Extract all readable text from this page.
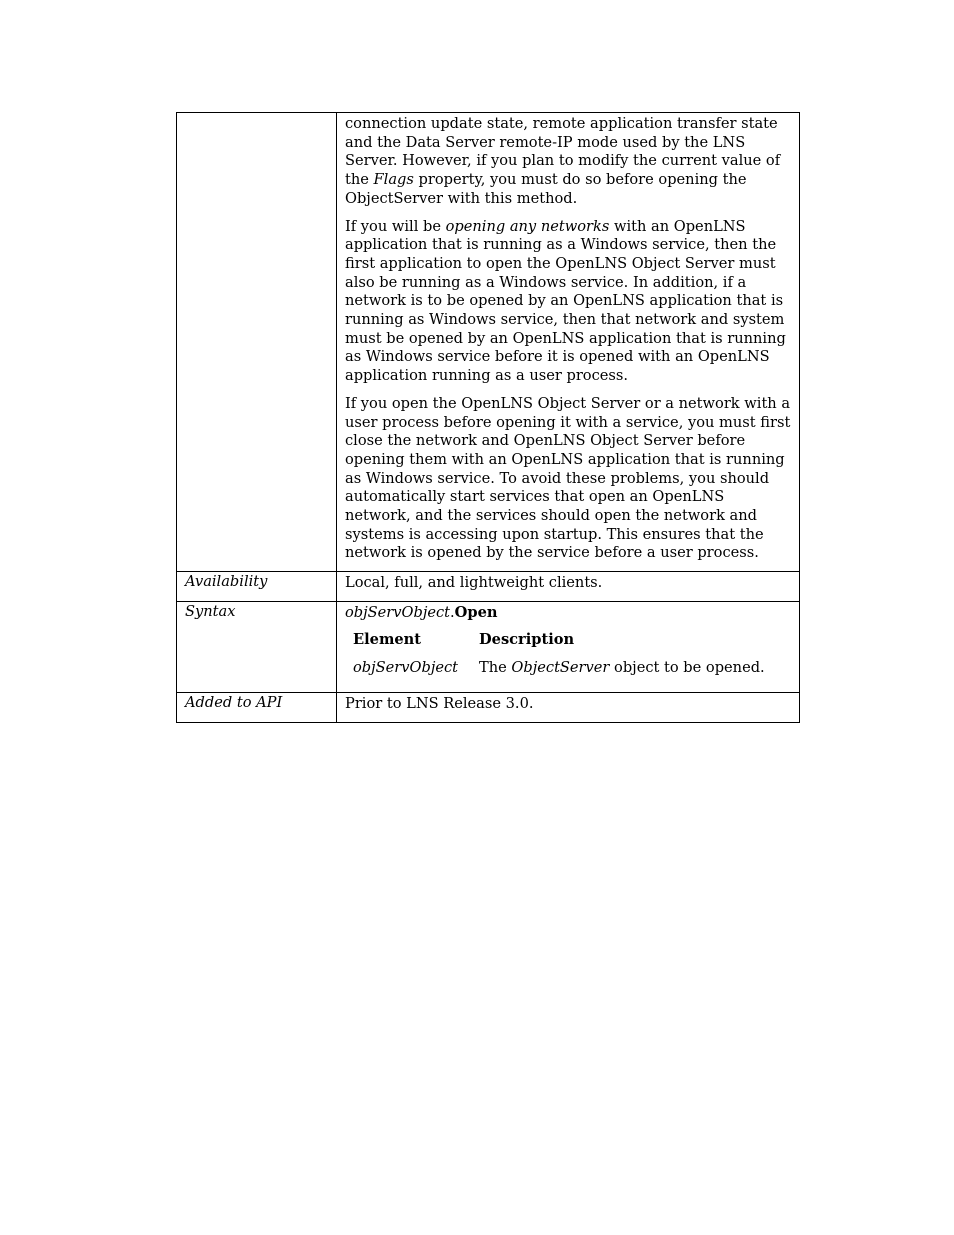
connection update state, remote application transfer state and the Data Server remote-IP mode used by the LNS Server. However, if you plan to modify the current value of the Flags property, you must do so before opening the ObjectServer with this method.

If you will be opening any networks with an OpenLNS application that is running as a Windows service, then the first application to open the OpenLNS Object Server must also be running as a Windows service. In addition, if a network is to be opened by an OpenLNS application that is running as Windows service, then that network and system must be opened by an OpenLNS application that is running as Windows service before it is opened with an OpenLNS application running as a user process.

If you open the OpenLNS Object Server or a network with a user process before opening it with a service, you must first close the network and OpenLNS Object Server before opening them with an OpenLNS application that is running as Windows service. To avoid these problems, you should automatically start services that open an OpenLNS network, and the services should open the network and systems is accessing upon startup. This ensures that the network is opened by the service before a user process.

Availability	Local, full, and lightweight clients.
Syntax	objServObject.Open

Element	Description
objServObject	The ObjectServer object to be opened.

Added to API	Prior to LNS Release 3.0.
